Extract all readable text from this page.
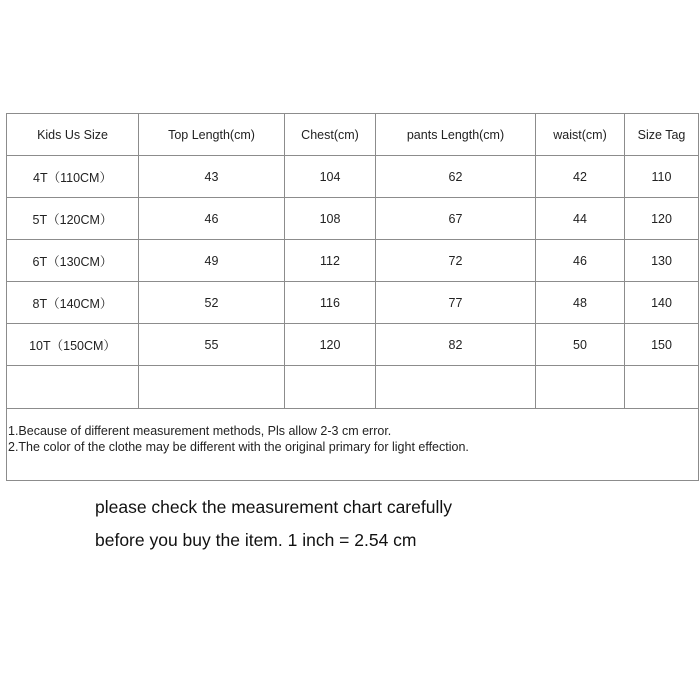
Kids Us Size	Top Length(cm)	Chest(cm)	pants Length(cm)	waist(cm)	Size Tag
4T（110CM）	43	104	62	42	110
5T（120CM）	46	108	67	44	120
6T（130CM）	49	112	72	46	130
8T（140CM）	52	116	77	48	140
10T（150CM）	55	120	82	50	150

1.Because of different measurement methods, Pls allow 2-3 cm error.
2.The color of the clothe may be different with the original primary for light effection.					
please check the measurement chart carefully
before you buy the item. 1 inch = 2.54 cm
